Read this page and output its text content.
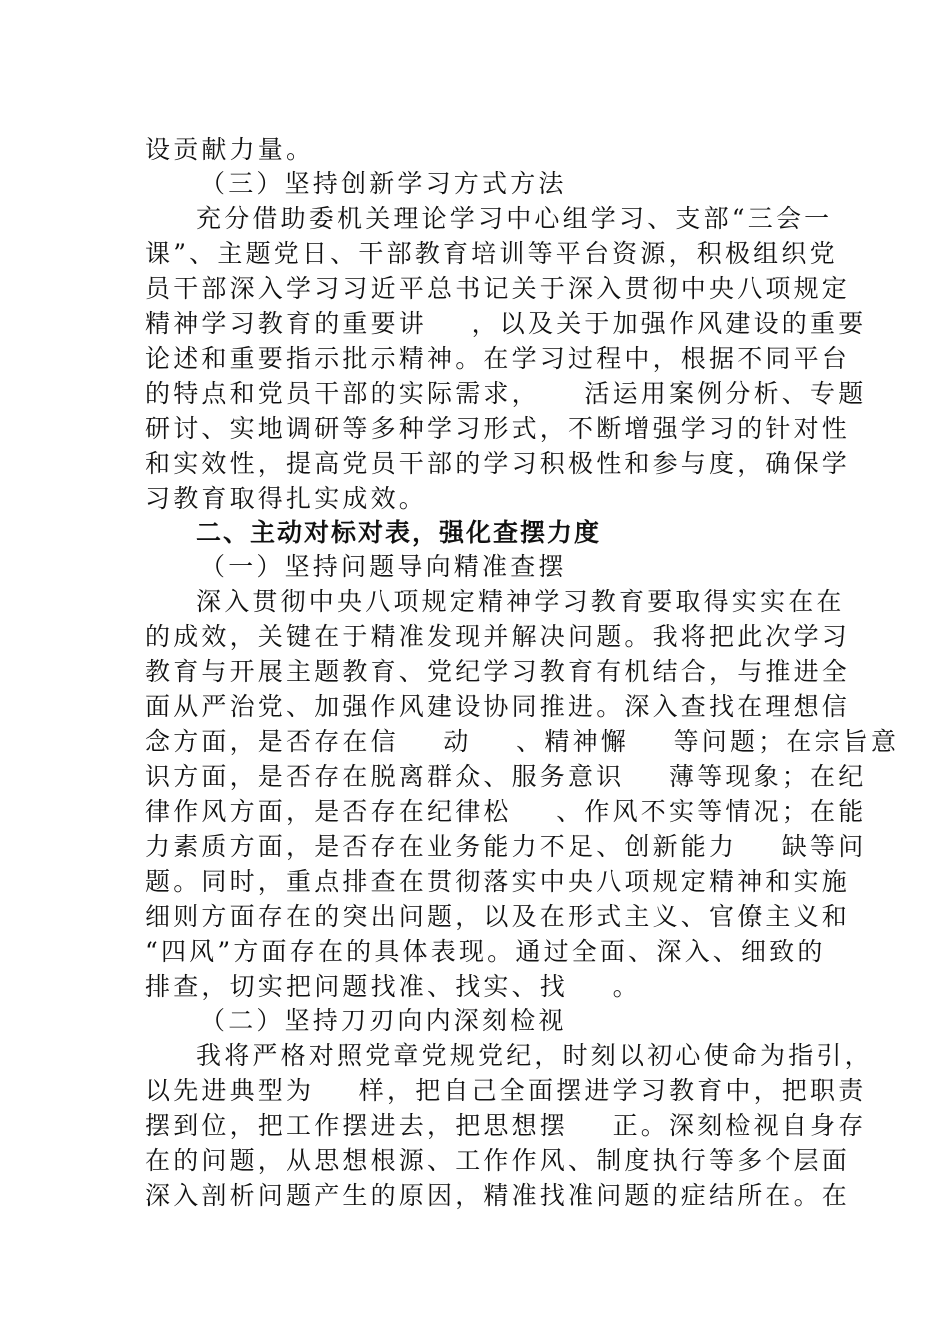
设贡献力量。
（三）坚持创新学习方式方法
充分借助委机关理论学习中心组学习、支部“三会一
课”、主题党日、干部教育培训等平台资源，积极组织党
员干部深入学习习近平总书记关于深入贯彻中央八项规定
精神学习教育的重要讲    ，以及关于加强作风建设的重要
论述和重要指示批示精神。在学习过程中，根据不同平台
的特点和党员干部的实际需求，    活运用案例分析、专题
研讨、实地调研等多种学习形式，不断增强学习的针对性
和实效性，提高党员干部的学习积极性和参与度，确保学
习教育取得扎实成效。
二、主动对标对表，强化查摆力度
（一）坚持问题导向精准查摆
深入贯彻中央八项规定精神学习教育要取得实实在在
的成效，关键在于精准发现并解决问题。我将把此次学习
教育与开展主题教育、党纪学习教育有机结合，与推进全
面从严治党、加强作风建设协同推进。深入查找在理想信
念方面，是否存在信    动    、精神懈    等问题；在宗旨意
识方面，是否存在脱离群众、服务意识    薄等现象；在纪
律作风方面，是否存在纪律松    、作风不实等情况；在能
力素质方面，是否存在业务能力不足、创新能力    缺等问
题。同时，重点排查在贯彻落实中央八项规定精神和实施
细则方面存在的突出问题，以及在形式主义、官僚主义和
“四风”方面存在的具体表现。通过全面、深入、细致的
排查，切实把问题找准、找实、找    。
（二）坚持刀刃向内深刻检视
我将严格对照党章党规党纪，时刻以初心使命为指引，
以先进典型为    样，把自己全面摆进学习教育中，把职责
摆到位，把工作摆进去，把思想摆    正。深刻检视自身存
在的问题，从思想根源、工作作风、制度执行等多个层面
深入剖析问题产生的原因，精准找准问题的症结所在。在
